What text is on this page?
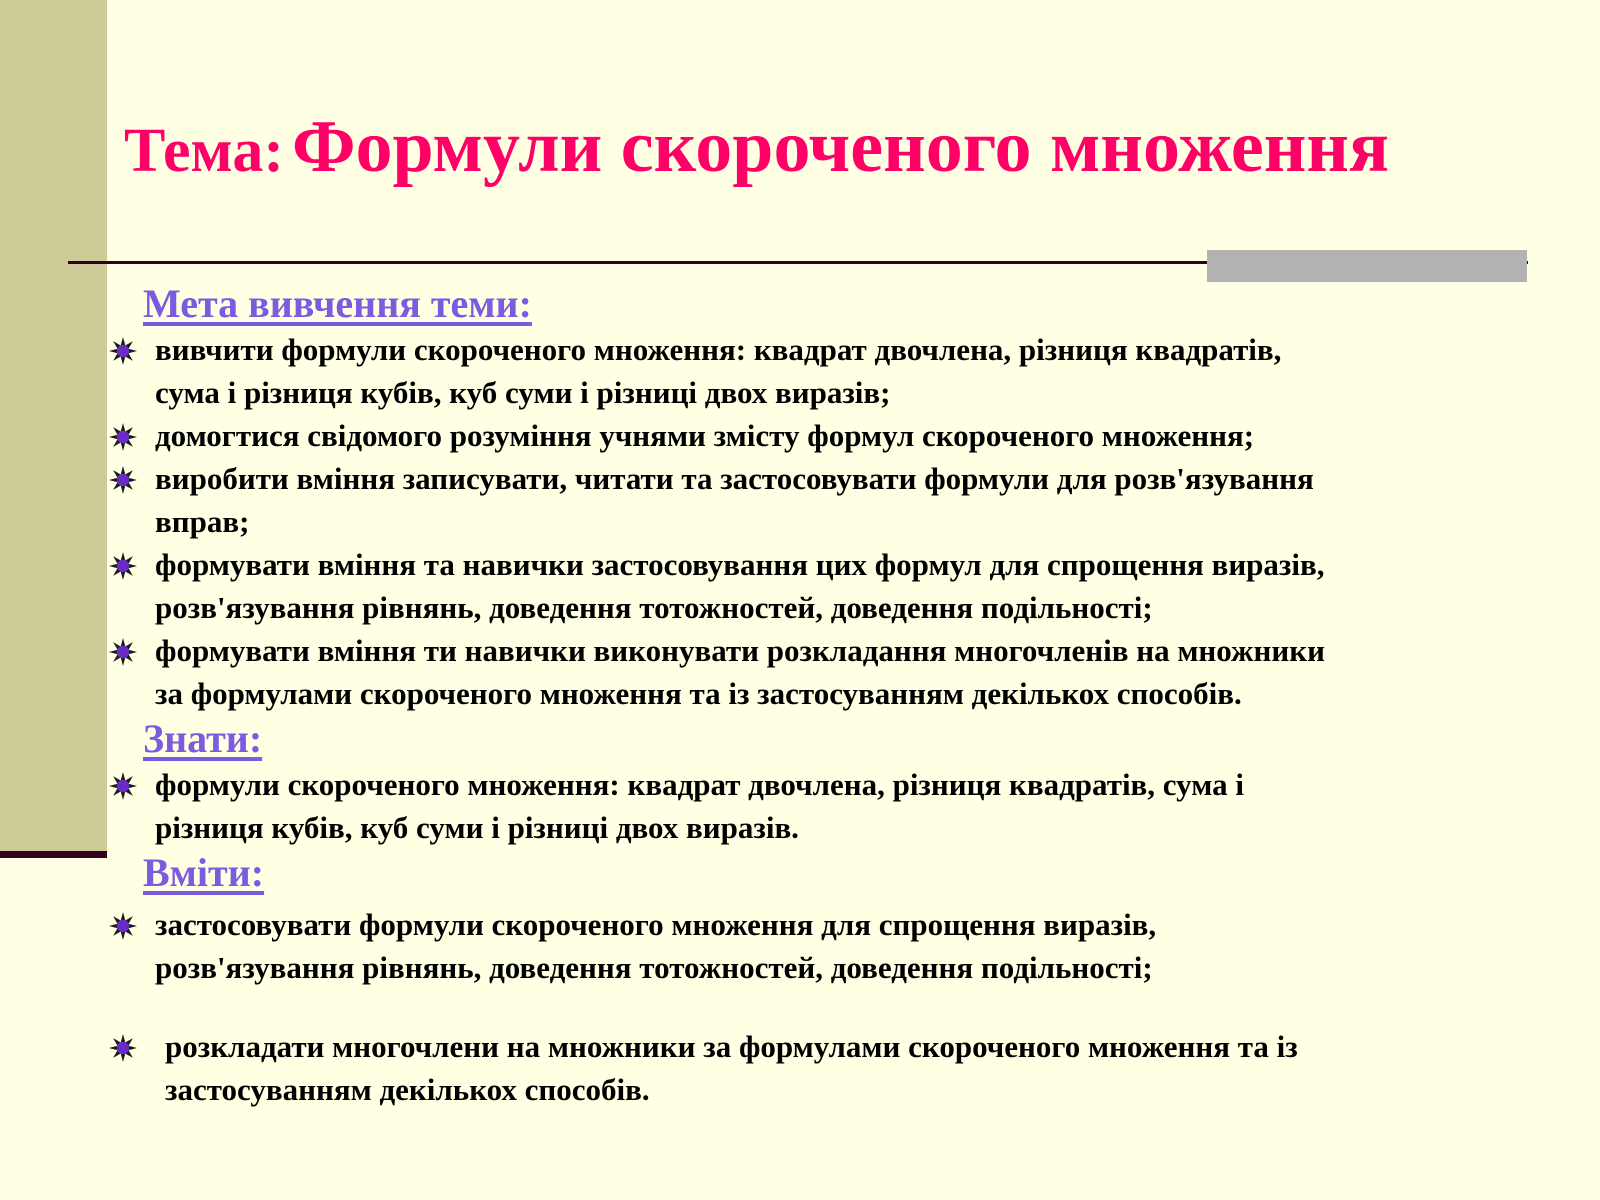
Тема: Формули скороченого множення
Мета вивчення теми:

вивчити формули скороченого множення: квадрат двочлена, різниця квадратів,
сума і різниця кубів, куб суми і різниці двох виразів;

домогтися свідомого розуміння учнями змісту формул скороченого множення;

виробити вміння записувати, читати та застосовувати формули для розв'язування
вправ;

формувати вміння та навички застосовування цих формул для спрощення виразів,
розв'язування рівнянь, доведення тотожностей, доведення подільності;

формувати вміння ти навички виконувати розкладання многочленів на множники
за формулами скороченого множення та із застосуванням декількох способів.

Знати:

формули скороченого множення: квадрат двочлена, різниця квадратів, сума і
різниця кубів, куб суми і різниці двох виразів.

Вміти:

застосовувати формули скороченого множення для спрощення виразів,
розв'язування рівнянь, доведення тотожностей, доведення подільності;

розкладати многочлени на множники за формулами скороченого множення та із
застосуванням декількох способів.
